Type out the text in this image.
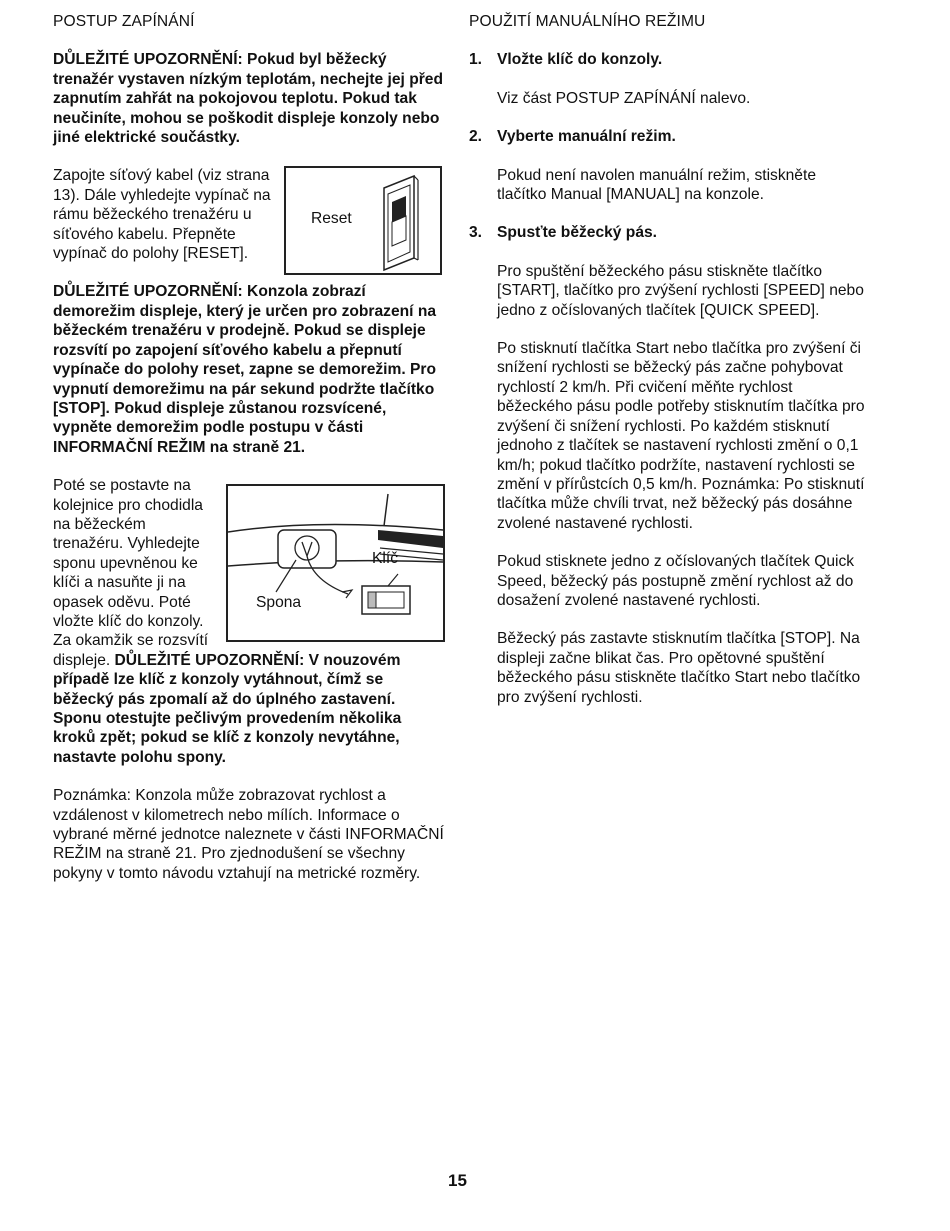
POSTUP ZAPÍNÁNÍ

DŮLEŽITÉ UPOZORNĚNÍ: Pokud byl běžecký trenažér vystaven nízkým teplotám, nechejte jej před zapnutím zahřát na pokojovou teplotu. Pokud tak neučiníte, mohou se poškodit displeje konzoly nebo jiné elektrické součástky.

Reset

Zapojte síťový kabel (viz strana 13). Dále vyhledejte vypínač na rámu běžeckého trenažéru u síťového kabelu. Přepněte vypínač do polohy [RESET].

DŮLEŽITÉ UPOZORNĚNÍ: Konzola zobrazí demorežim displeje, který je určen pro zobrazení na běžeckém trenažéru v prodejně. Pokud se displeje rozsvítí po zapojení síťového kabelu a přepnutí vypínače do polohy reset, zapne se demorežim. Pro vypnutí demorežimu na pár sekund podržte tlačítko [STOP]. Pokud displeje zůstanou rozsvícené, vypněte demorežim podle postupu v části INFORMAČNÍ REŽIM na straně 21.

Klíč
Spona

Poté se postavte na kolejnice pro chodidla na běžeckém trenažéru. Vyhledejte sponu upevněnou ke klíči a nasuňte ji na opasek oděvu. Poté vložte klíč do konzoly. Za okamžik se rozsvítí displeje. DŮLEŽITÉ UPOZORNĚNÍ: V nouzovém případě lze klíč z konzoly vytáhnout, čímž se běžecký pás zpomalí až do úplného zastavení. Sponu otestujte pečlivým provedením několika kroků zpět; pokud se klíč z konzoly nevytáhne, nastavte polohu spony.

Poznámka: Konzola může zobrazovat rychlost a vzdálenost v kilometrech nebo mílích. Informace o vybrané měrné jednotce naleznete v části INFORMAČNÍ REŽIM na straně 21. Pro zjednodušení se všechny pokyny v tomto návodu vztahují na metrické rozměry.

POUŽITÍ MANUÁLNÍHO REŽIMU
1. Vložte klíč do konzoly.

Viz část POSTUP ZAPÍNÁNÍ nalevo.

2. Vyberte manuální režim.

Pokud není navolen manuální režim, stiskněte tlačítko Manual [MANUAL] na konzole.

3. Spusťte běžecký pás.

Pro spuštění běžeckého pásu stiskněte tlačítko [START], tlačítko pro zvýšení rychlosti [SPEED] nebo jedno z očíslovaných tlačítek [QUICK SPEED].

Po stisknutí tlačítka Start nebo tlačítka pro zvýšení či snížení rychlosti se běžecký pás začne pohybovat rychlostí 2 km/h. Při cvičení měňte rychlost běžeckého pásu podle potřeby stisknutím tlačítka pro zvýšení či snížení rychlosti. Po každém stisknutí jednoho z tlačítek se nastavení rychlosti změní o 0,1 km/h; pokud tlačítko podržíte, nastavení rychlosti se změní v přírůstcích 0,5 km/h. Poznámka: Po stisknutí tlačítka může chvíli trvat, než běžecký pás dosáhne zvolené nastavené rychlosti.

Pokud stisknete jedno z očíslovaných tlačítek Quick Speed, běžecký pás postupně změní rychlost až do dosažení zvolené nastavené rychlosti.

Běžecký pás zastavte stisknutím tlačítka [STOP]. Na displeji začne blikat čas. Pro opětovné spuštění běžeckého pásu stiskněte tlačítko Start nebo tlačítko pro zvýšení rychlosti.

15
